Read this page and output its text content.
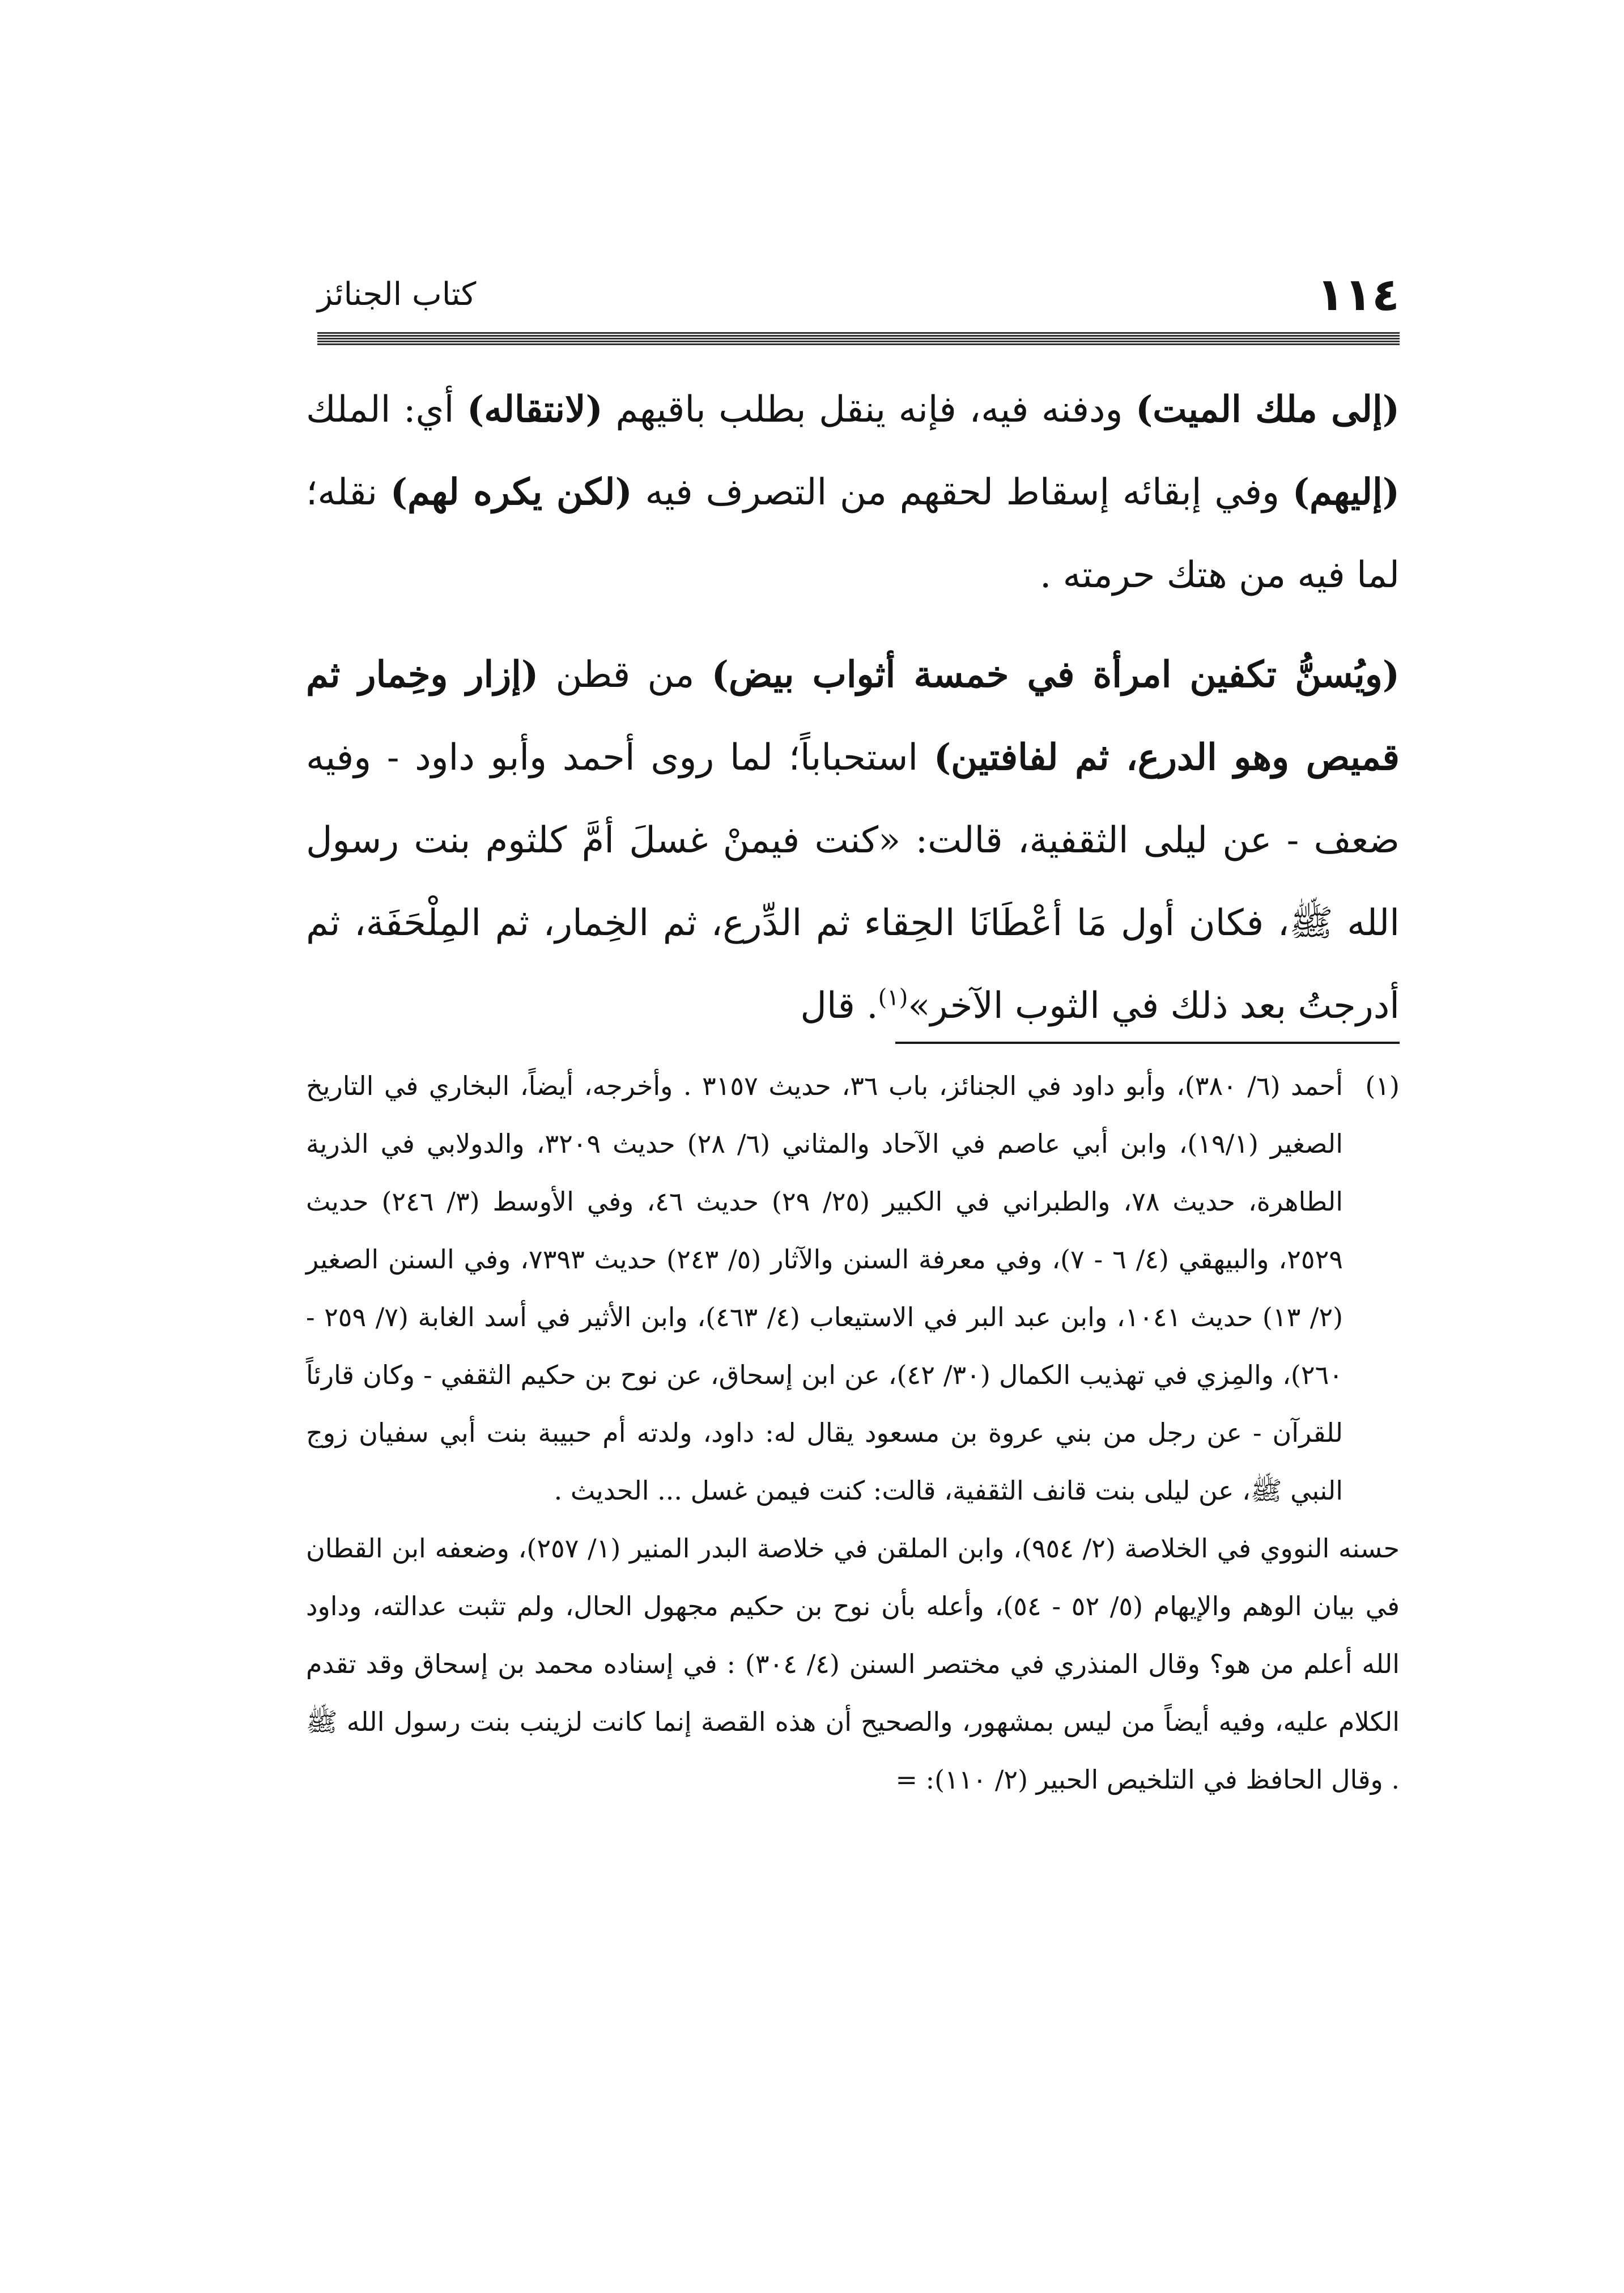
١١٤
كتاب الجنائز

(إلى ملك الميت) ودفنه فيه، فإنه ينقل بطلب باقيهم (لانتقاله) أي: الملك (إليهم) وفي إبقائه إسقاط لحقهم من التصرف فيه (لكن يكره لهم) نقله؛ لما فيه من هتك حرمته .

(ويُسنُّ تكفين امرأة في خمسة أثواب بيض) من قطن (إزار وخِمار ثم قميص وهو الدرع، ثم لفافتين) استحباباً؛ لما روى أحمد وأبو داود - وفيه ضعف - عن ليلى الثقفية، قالت: «كنت فيمنْ غسلَ أمَّ كلثوم بنت رسول الله ﷺ، فكان أول مَا أعْطَانَا الحِقاء ثم الدِّرع، ثم الخِمار، ثم المِلْحَفَة، ثم أدرجتُ بعد ذلك في الثوب الآخر»$^{(١)}$. قال

(١)
أحمد (٦/ ٣٨٠)، وأبو داود في الجنائز، باب ٣٦، حديث ٣١٥٧ . وأخرجه، أيضاً، البخاري في التاريخ الصغير (١٩/١)، وابن أبي عاصم في الآحاد والمثاني (٦/ ٢٨) حديث ٣٢٠٩، والدولابي في الذرية الطاهرة، حديث ٧٨، والطبراني في الكبير (٢٥/ ٢٩) حديث ٤٦، وفي الأوسط (٣/ ٢٤٦) حديث ٢٥٢٩، والبيهقي (٤/ ٦ - ٧)، وفي معرفة السنن والآثار (٥/ ٢٤٣) حديث ٧٣٩٣، وفي السنن الصغير (٢/ ١٣) حديث ١٠٤١، وابن عبد البر في الاستيعاب (٤/ ٤٦٣)، وابن الأثير في أسد الغابة (٧/ ٢٥٩ - ٢٦٠)، والمِزي في تهذيب الكمال (٣٠/ ٤٢)، عن ابن إسحاق، عن نوح بن حكيم الثقفي - وكان قارئاً للقرآن - عن رجل من بني عروة بن مسعود يقال له: داود، ولدته أم حبيبة بنت أبي سفيان زوج النبي ﷺ، عن ليلى بنت قانف الثقفية، قالت: كنت فيمن غسل ... الحديث .

حسنه النووي في الخلاصة (٢/ ٩٥٤)، وابن الملقن في خلاصة البدر المنير (١/ ٢٥٧)، وضعفه ابن القطان في بيان الوهم والإيهام (٥/ ٥٢ - ٥٤)، وأعله بأن نوح بن حكيم مجهول الحال، ولم تثبت عدالته، وداود الله أعلم من هو؟ وقال المنذري في مختصر السنن (٤/ ٣٠٤) : في إسناده محمد بن إسحاق وقد تقدم الكلام عليه، وفيه أيضاً من ليس بمشهور، والصحيح أن هذه القصة إنما كانت لزينب بنت رسول الله ﷺ . وقال الحافظ في التلخيص الحبير (٢/ ١١٠): =
